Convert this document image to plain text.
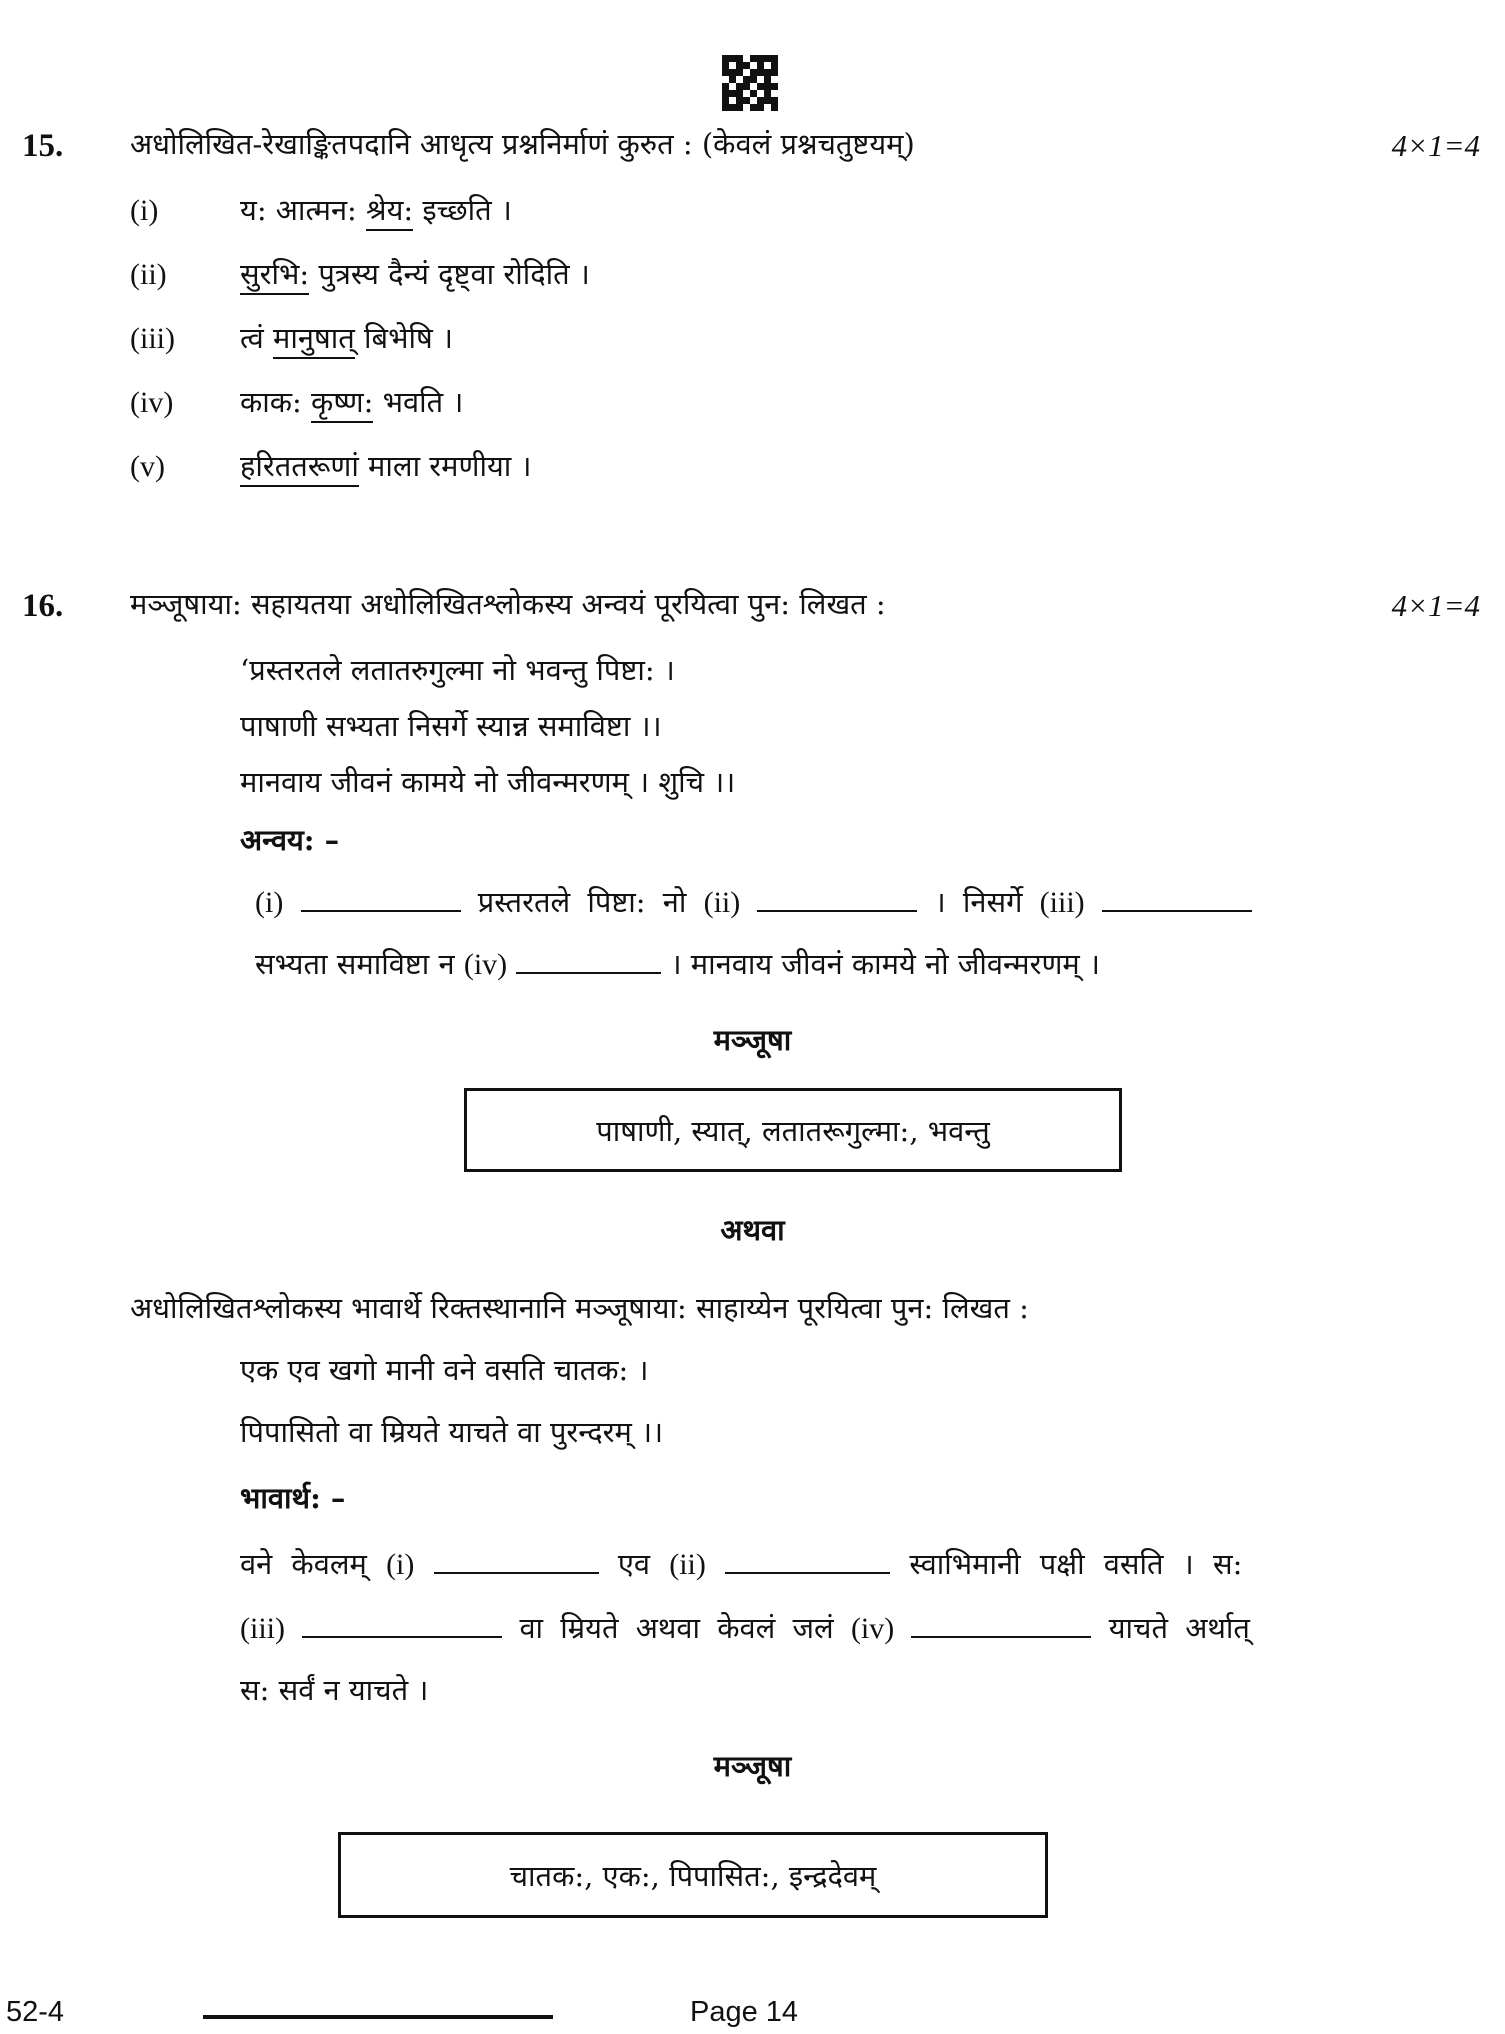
15. अधोलिखित-रेखाङ्कितपदानि आधृत्य प्रश्ननिर्माणं कुरुत : (केवलं प्रश्नचतुष्टयम्)	4×1=4
(i)	य: आत्मन: श्रेय: इच्छति ।
(ii)	सुरभि: पुत्रस्य दैन्यं दृष्ट्वा रोदिति ।
(iii) त्वं मानुषात् बिभेषि ।
(iv) काक: कृष्ण: भवति ।
(v)	हरिततरूणां माला रमणीया ।
16. मञ्जूषाया: सहायतया अधोलिखितश्लोकस्य अन्वयं पूरयित्वा पुन: लिखत :	4×1=4
‘प्रस्तरतले लतातरुगुल्मा नो भवन्तु पिष्टा: ।
पाषाणी सभ्यता निसर्गे स्यान्न समाविष्टा ।।
मानवाय जीवनं कामये नो जीवन्मरणम् । शुचि ।।
अन्वय: –
(i)	प्रस्तरतले पिष्टा: नो (ii)	। निसर्गे (iii)
सभ्यता समाविष्टा न (iv)	। मानवाय जीवनं कामये नो जीवन्मरणम् ।
मञ्जूषा
पाषाणी, स्यात्, लतातरूगुल्मा:, भवन्तु
अथवा
अधोलिखितश्लोकस्य भावार्थे रिक्तस्थानानि मञ्जूषाया: साहाय्येन पूरयित्वा पुन: लिखत :
एक एव खगो मानी वने वसति चातक: ।
पिपासितो वा म्रियते याचते वा पुरन्दरम् ।।
भावार्थ: –
वने केवलम् (i)	एव (ii)	स्वाभिमानी पक्षी वसति । स:
(iii)	वा म्रियते अथवा केवलं जलं (iv)	याचते अर्थात्
स: सर्वं न याचते ।
मञ्जूषा
चातक:, एक:, पिपासित:, इन्द्रदेवम्
52-4	Page 14
